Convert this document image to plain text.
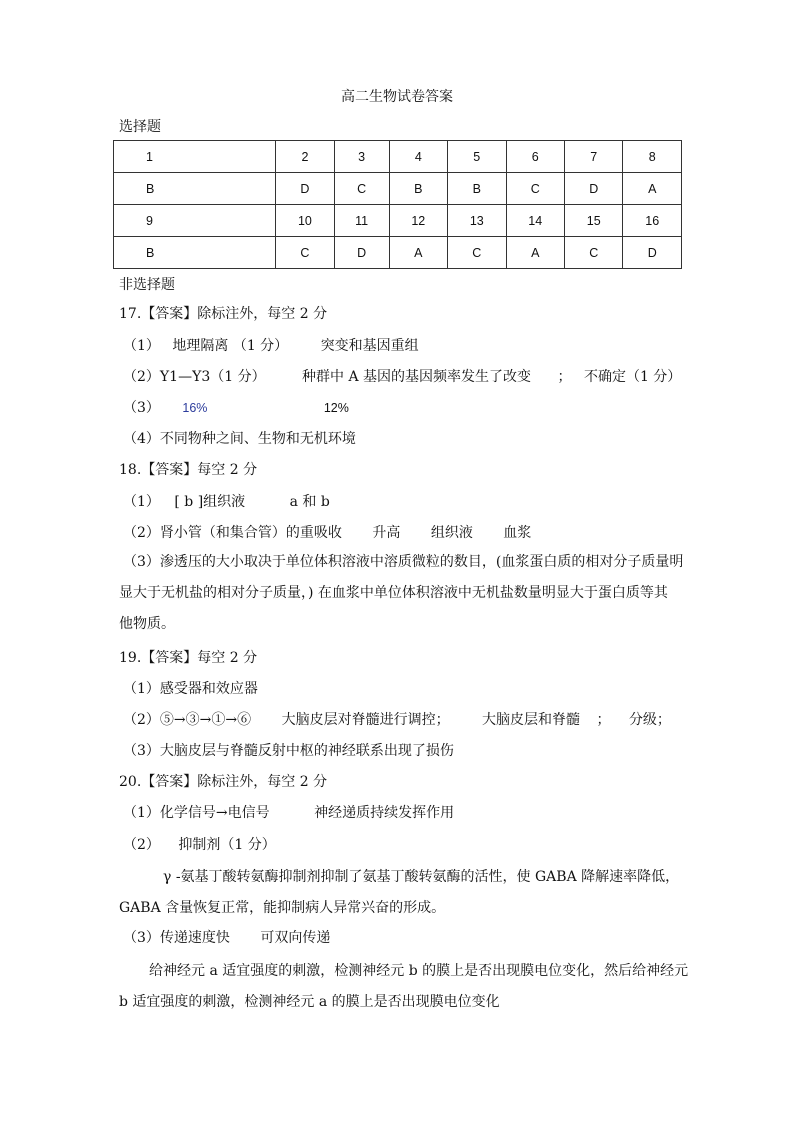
高二生物试卷答案
选择题
1	2	3	4	5	6	7	8
B	D	C	B	B	C	D	A
9	10	11	12	13	14	15	16
B	C	D	A	C	A	C	D
非选择题
17.【答案】除标注外，每空 2 分
（1） 地理隔离 （1 分） 突变和基因重组
（2）Y1—Y3（1 分）	种群中 A 基因的基因频率发生了改变 ； 不确定（1 分）
（3） 16%	12%
（4）不同物种之间、生物和无机环境
18.【答案】每空 2 分
（1） [ b ]组织液	a 和 b
（2）肾小管（和集合管）的重吸收 升高 组织液 血浆
（3）渗透压的大小取决于单位体积溶液中溶质微粒的数目，(血浆蛋白质的相对分子质量明
显大于无机盐的相对分子质量，) 在血浆中单位体积溶液中无机盐数量明显大于蛋白质等其
他物质。
19.【答案】每空 2 分
（1）感受器和效应器
（2）⑤→③→①→⑥ 大脑皮层对脊髓进行调控； 大脑皮层和脊髓 ； 分级；
（3）大脑皮层与脊髓反射中枢的神经联系出现了损伤
20.【答案】除标注外，每空 2 分
（1）化学信号→电信号	神经递质持续发挥作用
（2） 抑制剂（1 分）
γ -氨基丁酸转氨酶抑制剂抑制了氨基丁酸转氨酶的活性，使 GABA 降解速率降低，
GABA 含量恢复正常，能抑制病人异常兴奋的形成。
（3）传递速度快 可双向传递
给神经元 a 适宜强度的刺激，检测神经元 b 的膜上是否出现膜电位变化，然后给神经元
b 适宜强度的刺激，检测神经元 a 的膜上是否出现膜电位变化
